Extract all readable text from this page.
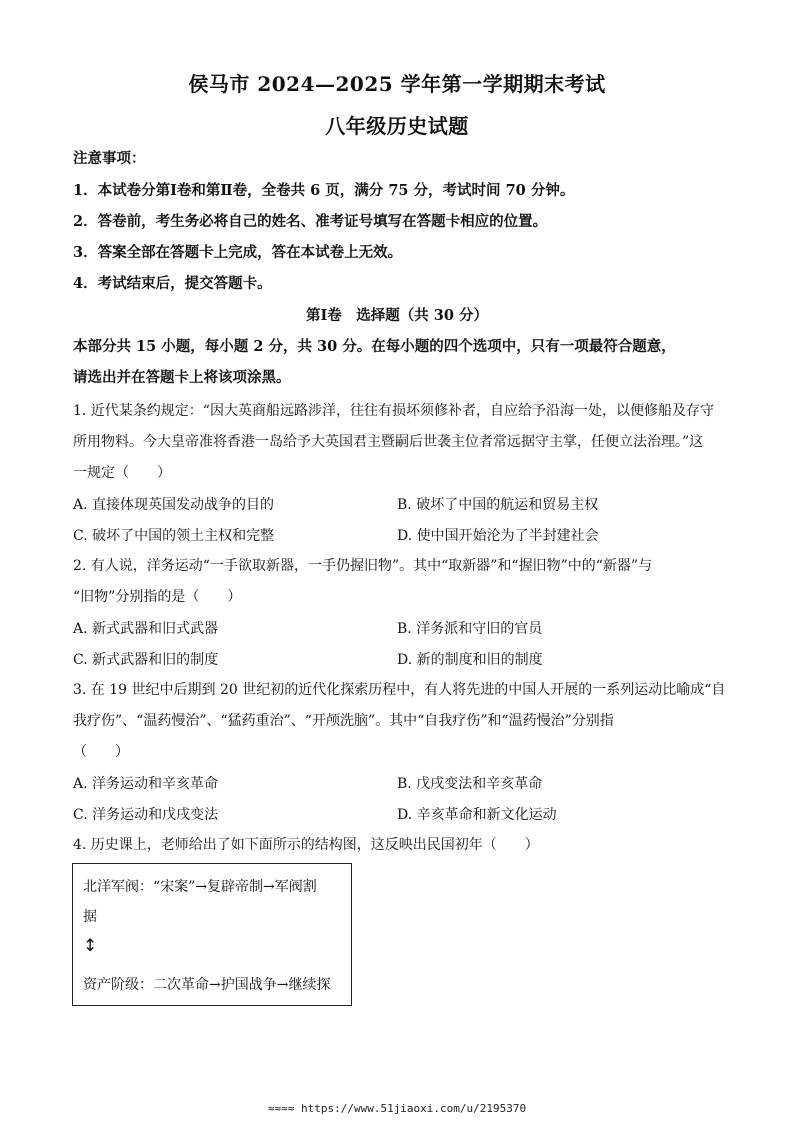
侯马市 2024—2025 学年第一学期期末考试
八年级历史试题
注意事项：
1．本试卷分第Ⅰ卷和第Ⅱ卷，全卷共 6 页，满分 75 分，考试时间 70 分钟。
2．答卷前，考生务必将自己的姓名、准考证号填写在答题卡相应的位置。
3．答案全部在答题卡上完成，答在本试卷上无效。
4．考试结束后，提交答题卡。
第Ⅰ卷　选择题（共 30 分）
本部分共 15 小题，每小题 2 分，共 30 分。在每小题的四个选项中，只有一项最符合题意，
请选出并在答题卡上将该项涂黑。
1. 近代某条约规定：“因大英商船远路涉洋，往往有损坏须修补者，自应给予沿海一处，以便修船及存守
所用物料。今大皇帝准将香港一岛给予大英国君主暨嗣后世袭主位者常远据守主掌，任便立法治理。”这
一规定（　　）
A. 直接体现英国发动战争的目的	B. 破坏了中国的航运和贸易主权
C. 破坏了中国的领土主权和完整	D. 使中国开始沦为了半封建社会
2. 有人说，洋务运动“一手欲取新器，一手仍握旧物”。其中“取新器”和“握旧物”中的“新器”与
“旧物”分别指的是（　　）
A. 新式武器和旧式武器	B. 洋务派和守旧的官员
C. 新式武器和旧的制度	D. 新的制度和旧的制度
3. 在 19 世纪中后期到 20 世纪初的近代化探索历程中，有人将先进的中国人开展的一系列运动比喻成“自
我疗伤”、“温药慢治”、“猛药重治”、“开颅洗脑”。其中“自我疗伤”和“温药慢治”分别指
（　　）
A. 洋务运动和辛亥革命	B. 戊戌变法和辛亥革命
C. 洋务运动和戊戌变法	D. 辛亥革命和新文化运动
4. 历史课上，老师给出了如下面所示的结构图，这反映出民国初年（　　）
北洋军阀：“宋案”→复辟帝制→军阀割
据
↕
资产阶级：二次革命→护国战争→继续探
≈≈≈≈ https://www.51jiaoxi.com/u/2195370
